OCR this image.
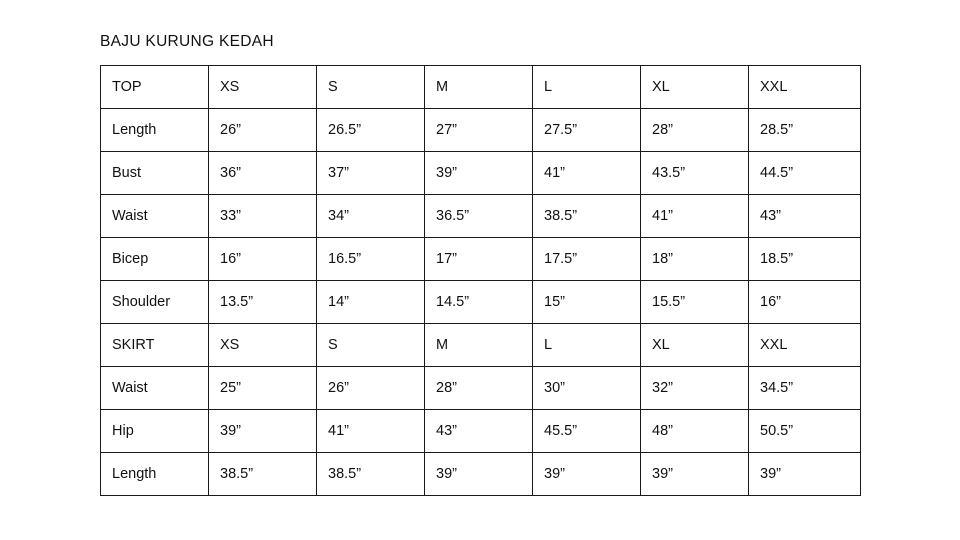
BAJU KURUNG KEDAH
TOP	XS	S	M	L	XL	XXL
Length	26”	26.5”	27”	27.5”	28”	28.5”
Bust	36”	37”	39”	41”	43.5”	44.5”
Waist	33”	34”	36.5”	38.5”	41”	43”
Bicep	16”	16.5”	17”	17.5”	18”	18.5”
Shoulder	13.5”	14”	14.5”	15”	15.5”	16”
SKIRT	XS	S	M	L	XL	XXL
Waist	25”	26”	28”	30”	32”	34.5”
Hip	39”	41”	43”	45.5”	48”	50.5”
Length	38.5”	38.5”	39”	39”	39”	39”
